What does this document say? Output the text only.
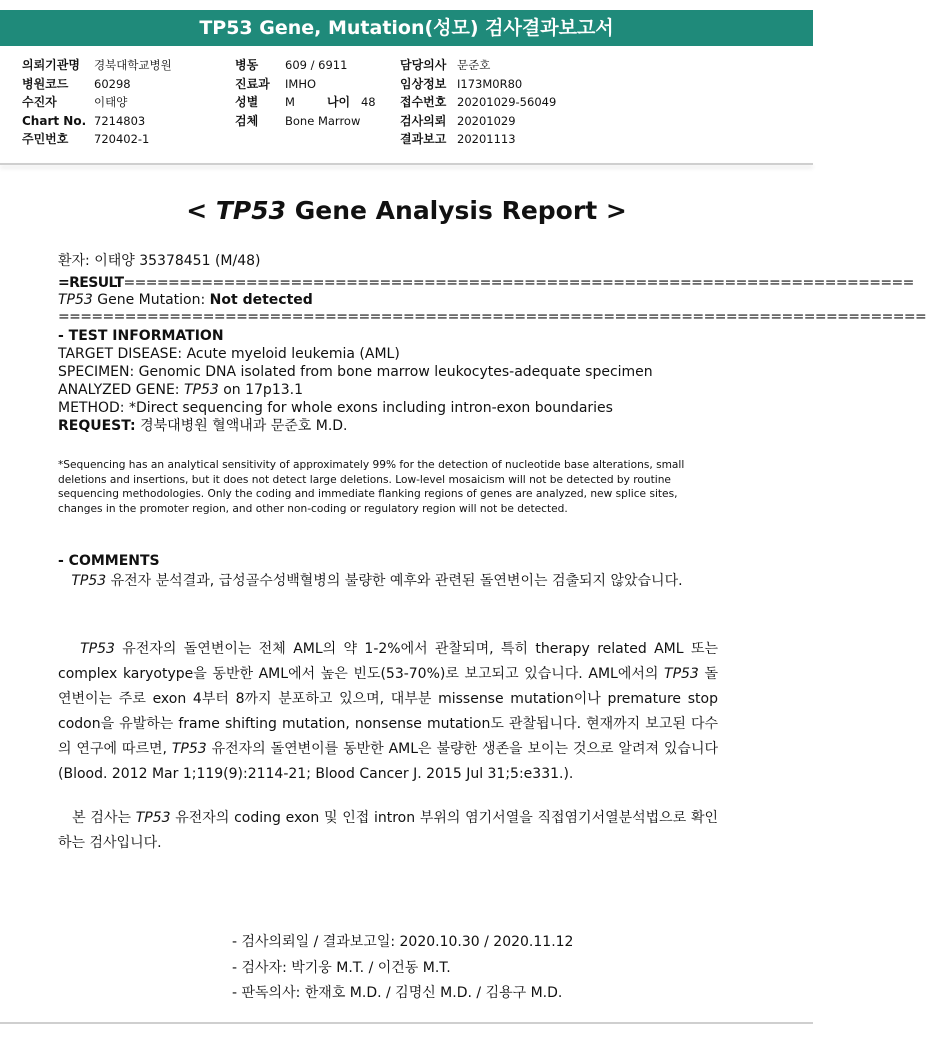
TP53 Gene, Mutation(성모) 검사결과보고서
의뢰기관명	경북대학교병원
병원코드	60298
수진자	이태양
Chart No. 7214803
주민번호	720402-1
병동	609 / 6911
진료과	IMHO
성별	M	나이 48
검체	Bone Marrow
담당의사 문준호
임상정보 I173M0R80
접수번호 20201029-56049
검사의뢰 20201029
결과보고 20201113
< TP53 Gene Analysis Report >
환자: 이태양 35378451 (M/48)
=RESULT=======================================================================
TP53 Gene Mutation: Not detected
==============================================================================
- TEST INFORMATION
TARGET DISEASE: Acute myeloid leukemia (AML)
SPECIMEN: Genomic DNA isolated from bone marrow leukocytes-adequate specimen
ANALYZED GENE: TP53 on 17p13.1
METHOD: *Direct sequencing for whole exons including intron-exon boundaries
REQUEST: 경북대병원 혈액내과 문준호 M.D.
*Sequencing has an analytical sensitivity of approximately 99% for the detection of nucleotide base alterations, small deletions and insertions, but it does not detect large deletions. Low-level mosaicism will not be detected by routine sequencing methodologies. Only the coding and immediate flanking regions of genes are analyzed, new splice sites, changes in the promoter region, and other non-coding or regulatory region will not be detected.
- COMMENTS
TP53 유전자 분석결과, 급성골수성백혈병의 불량한 예후와 관련된 돌연변이는 검출되지 않았습니다.
TP53 유전자의 돌연변이는 전체 AML의 약 1-2%에서 관찰되며, 특히 therapy related AML 또는 complex karyotype을 동반한 AML에서 높은 빈도(53-70%)로 보고되고 있습니다. AML에서의 TP53 돌연변이는 주로 exon 4부터 8까지 분포하고 있으며, 대부분 missense mutation이나 premature stop codon을 유발하는 frame shifting mutation, nonsense mutation도 관찰됩니다. 현재까지 보고된 다수의 연구에 따르면, TP53 유전자의 돌연변이를 동반한 AML은 불량한 생존을 보이는 것으로 알려져 있습니다 (Blood. 2012 Mar 1;119(9):2114-21; Blood Cancer J. 2015 Jul 31;5:e331.).
본 검사는 TP53 유전자의 coding exon 및 인접 intron 부위의 염기서열을 직접염기서열분석법으로 확인하는 검사입니다.
- 검사의뢰일 / 결과보고일: 2020.10.30 / 2020.11.12
- 검사자: 박기웅 M.T. / 이건동 M.T.
- 판독의사: 한재호 M.D. / 김명신 M.D. / 김용구 M.D.
